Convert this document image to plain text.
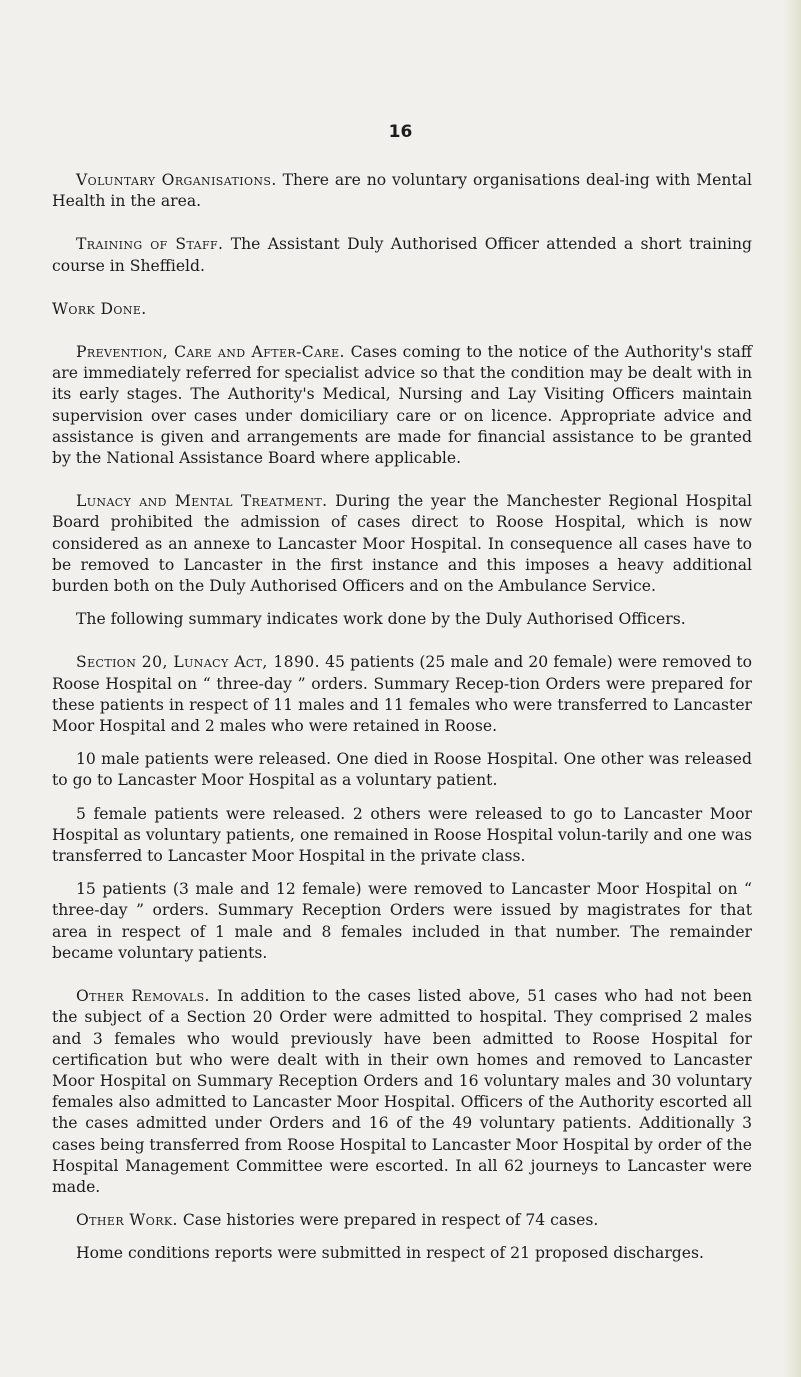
16

Voluntary Organisations. There are no voluntary organisations deal-ing with Mental Health in the area.

Training of Staff. The Assistant Duly Authorised Officer attended a short training course in Sheffield.

Work Done.

Prevention, Care and After-Care. Cases coming to the notice of the Authority's staff are immediately referred for specialist advice so that the condition may be dealt with in its early stages. The Authority's Medical, Nursing and Lay Visiting Officers maintain supervision over cases under domiciliary care or on licence. Appropriate advice and assistance is given and arrangements are made for financial assistance to be granted by the National Assistance Board where applicable.

Lunacy and Mental Treatment. During the year the Manchester Regional Hospital Board prohibited the admission of cases direct to Roose Hospital, which is now considered as an annexe to Lancaster Moor Hospital. In consequence all cases have to be removed to Lancaster in the first instance and this imposes a heavy additional burden both on the Duly Authorised Officers and on the Ambulance Service.

The following summary indicates work done by the Duly Authorised Officers.

Section 20, Lunacy Act, 1890. 45 patients (25 male and 20 female) were removed to Roose Hospital on “ three-day ” orders. Summary Recep-tion Orders were prepared for these patients in respect of 11 males and 11 females who were transferred to Lancaster Moor Hospital and 2 males who were retained in Roose.

10 male patients were released. One died in Roose Hospital. One other was released to go to Lancaster Moor Hospital as a voluntary patient.

5 female patients were released. 2 others were released to go to Lancaster Moor Hospital as voluntary patients, one remained in Roose Hospital volun-tarily and one was transferred to Lancaster Moor Hospital in the private class.

15 patients (3 male and 12 female) were removed to Lancaster Moor Hospital on “ three-day ” orders. Summary Reception Orders were issued by magistrates for that area in respect of 1 male and 8 females included in that number. The remainder became voluntary patients.

Other Removals. In addition to the cases listed above, 51 cases who had not been the subject of a Section 20 Order were admitted to hospital. They comprised 2 males and 3 females who would previously have been admitted to Roose Hospital for certification but who were dealt with in their own homes and removed to Lancaster Moor Hospital on Summary Reception Orders and 16 voluntary males and 30 voluntary females also admitted to Lancaster Moor Hospital. Officers of the Authority escorted all the cases admitted under Orders and 16 of the 49 voluntary patients. Additionally 3 cases being transferred from Roose Hospital to Lancaster Moor Hospital by order of the Hospital Management Committee were escorted. In all 62 journeys to Lancaster were made.

Other Work. Case histories were prepared in respect of 74 cases.

Home conditions reports were submitted in respect of 21 proposed discharges.
